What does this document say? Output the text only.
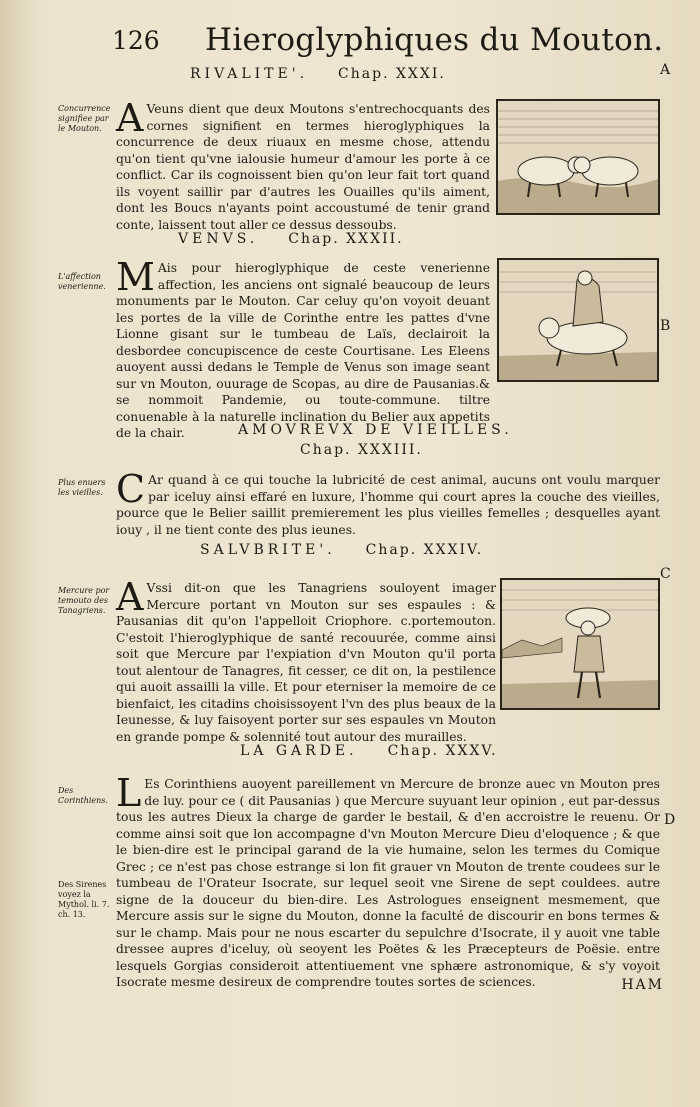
126 Hieroglyphiques du Mouton.
A
B
C
D
RIVALITE'. Chap. XXXI.
Concurrence signifiee par le Mouton. A Veuns dient que deux Moutons s'entrechocquants des cornes signifient en termes hieroglyphiques la concurrence de deux riuaux en mesme chose, attendu qu'on tient qu'vne ialousie humeur d'amour les porte à ce conflict. Car ils cognoissent bien qu'on leur fait tort quand ils voyent saillir par d'autres les Ouailles qu'ils aiment, dont les Boucs n'ayants point accoustumé de tenir grand conte, laissent tout aller ce dessus dessoubs.
VENVS. Chap. XXXII.
L'affection venerienne. M Ais pour hieroglyphique de ceste venerienne affection, les anciens ont signalé beaucoup de leurs monuments par le Mouton. Car celuy qu'on voyoit deuant les portes de la ville de Corinthe entre les pattes d'vne Lionne gisant sur le tumbeau de Laïs, declairoit la desbordee concupiscence de ceste Courtisane. Les Eleens auoyent aussi dedans le Temple de Venus son image seant sur vn Mouton, ouurage de Scopas, au dire de Pausanias.& se nommoit Pandemie, ou toute-commune. tiltre conuenable à la naturelle inclination du Belier aux appetits de la chair.	AMOVREVX DE VIEILLES.
Chap. XXXIII.
Plus enuers les vieilles. C Ar quand à ce qui touche la lubricité de cest animal, aucuns ont voulu marquer par iceluy ainsi effaré en luxure, l'homme qui court apres la couche des vieilles, pource que le Belier saillit premierement les plus vieilles femelles ; desquelles ayant iouy , il ne tient conte des plus ieunes.
SALVBRITE'. Chap. XXXIV.
Mercure por temouto des Tanagriens. A Vssi dit-on que les Tanagriens souloyent imager Mercure portant vn Mouton sur ses espaules : & Pausanias dit qu'on l'appelloit Criophore. c.portemouton. C'estoit l'hieroglyphique de santé recouurée, comme ainsi soit que Mercure par l'expiation d'vn Mouton qu'il porta tout alentour de Tanagres, fit cesser, ce dit on, la pestilence qui auoit assailli la ville. Et pour eterniser la memoire de ce bienfaict, les citadins choisissoyent l'vn des plus beaux de la Ieunesse, & luy faisoyent porter sur ses espaules vn Mouton en grande pompe & solennité tout autour des murailles.
LA GARDE. Chap. XXXV.
Des Corinthiens.
Des Sirenes voyez la Mythol. li. 7. ch. 13.
L Es Corinthiens auoyent pareillement vn Mercure de bronze auec vn Mouton pres de luy. pour ce ( dit Pausanias ) que Mercure suyuant leur opinion , eut par-dessus tous les autres Dieux la charge de garder le bestail, & d'en accroistre le reuenu. Or comme ainsi soit que lon accompagne d'vn Mouton Mercure Dieu d'eloquence ; & que le bien-dire est le principal garand de la vie humaine, selon les termes du Comique Grec ; ce n'est pas chose estrange si lon fit grauer vn Mouton de trente coudees sur le tumbeau de l'Orateur Isocrate, sur lequel seoit vne Sirene de sept couldees. autre signe de la douceur du bien-dire. Les Astrologues enseignent mesmement, que Mercure assis sur le signe du Mouton, donne la faculté de discourir en bons termes & sur le champ. Mais pour ne nous escarter du sepulchre d'Isocrate, il y auoit vne table dressee aupres d'iceluy, où seoyent les Poëtes & les Præcepteurs de Poësie. entre lesquels Gorgias consideroit attentiuement vne sphære astronomique, & s'y voyoit Isocrate mesme desireux de comprendre toutes sortes de sciences.	HAM
